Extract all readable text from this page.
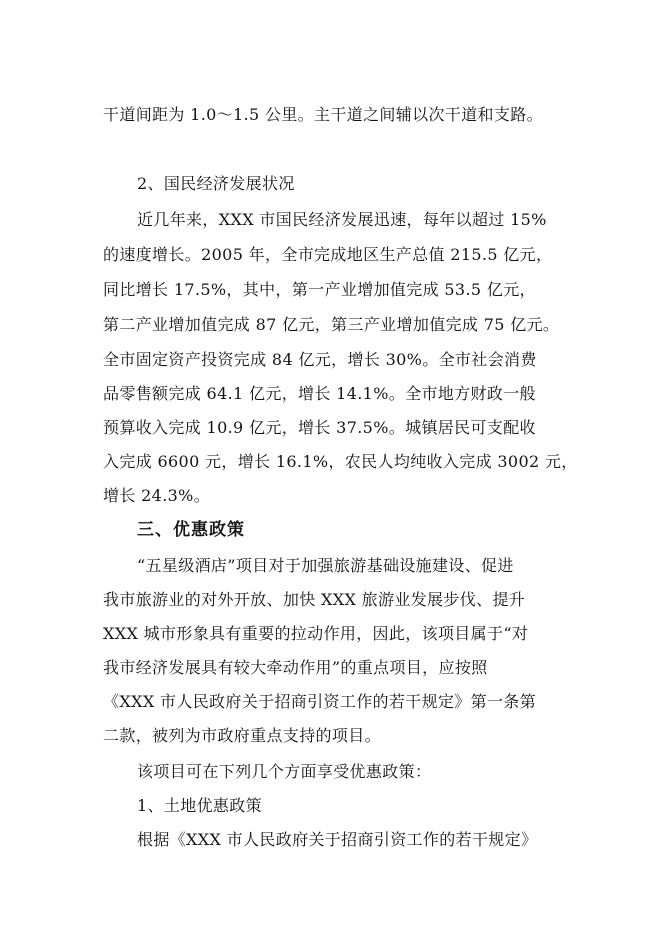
干道间距为 1.0～1.5 公里。主干道之间辅以次干道和支路。
2、国民经济发展状况
近几年来，XXX 市国民经济发展迅速，每年以超过 15%
的速度增长。2005 年，全市完成地区生产总值 215.5 亿元，
同比增长 17.5%，其中，第一产业增加值完成 53.5 亿元，
第二产业增加值完成 87 亿元，第三产业增加值完成 75 亿元。
全市固定资产投资完成 84 亿元，增长 30%。全市社会消费
品零售额完成 64.1 亿元，增长 14.1%。全市地方财政一般
预算收入完成 10.9 亿元，增长 37.5%。城镇居民可支配收
入完成 6600 元，增长 16.1%，农民人均纯收入完成 3002 元，
增长 24.3%。
三、优惠政策
“五星级酒店”项目对于加强旅游基础设施建设、促进
我市旅游业的对外开放、加快 XXX 旅游业发展步伐、提升
XXX 城市形象具有重要的拉动作用，因此，该项目属于“对
我市经济发展具有较大牵动作用”的重点项目，应按照
《XXX 市人民政府关于招商引资工作的若干规定》第一条第
二款，被列为市政府重点支持的项目。
该项目可在下列几个方面享受优惠政策：
1、土地优惠政策
根据《XXX 市人民政府关于招商引资工作的若干规定》
